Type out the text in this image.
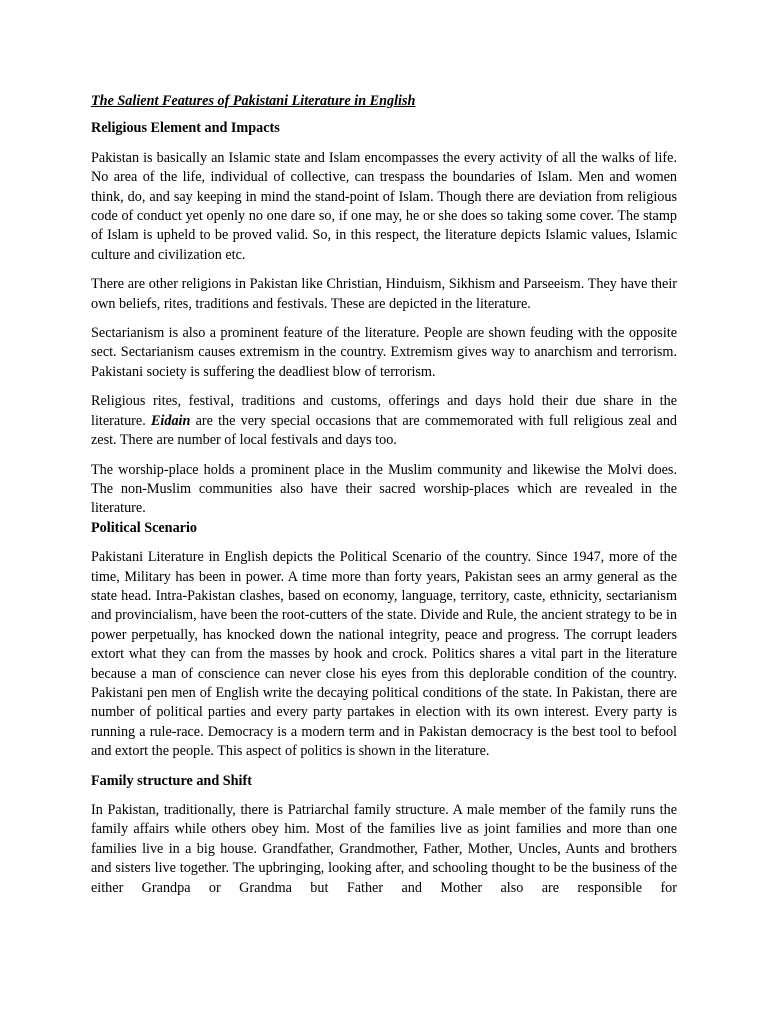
The Salient Features of Pakistani Literature in English

Religious Element and Impacts

Pakistan is basically an Islamic state and Islam encompasses the every activity of all the walks of life. No area of the life, individual of collective, can trespass the boundaries of Islam. Men and women think, do, and say keeping in mind the stand-point of Islam. Though there are deviation from religious code of conduct yet openly no one dare so, if one may, he or she does so taking some cover. The stamp of Islam is upheld to be proved valid. So, in this respect, the literature depicts Islamic values, Islamic culture and civilization etc.

There are other religions in Pakistan like Christian, Hinduism, Sikhism and Parseeism. They have their own beliefs, rites, traditions and festivals. These are depicted in the literature.

Sectarianism is also a prominent feature of the literature. People are shown feuding with the opposite sect. Sectarianism causes extremism in the country. Extremism gives way to anarchism and terrorism. Pakistani society is suffering the deadliest blow of terrorism.

Religious rites, festival, traditions and customs, offerings and days hold their due share in the literature. Eidain are the very special occasions that are commemorated with full religious zeal and zest. There are number of local festivals and days too.

The worship-place holds a prominent place in the Muslim community and likewise the Molvi does. The non-Muslim communities also have their sacred worship-places which are revealed in the literature.

Political Scenario

Pakistani Literature in English depicts the Political Scenario of the country. Since 1947, more of the time, Military has been in power. A time more than forty years, Pakistan sees an army general as the state head. Intra-Pakistan clashes, based on economy, language, territory, caste, ethnicity, sectarianism and provincialism, have been the root-cutters of the state. Divide and Rule, the ancient strategy to be in power perpetually, has knocked down the national integrity, peace and progress. The corrupt leaders extort what they can from the masses by hook and crock. Politics shares a vital part in the literature because a man of conscience can never close his eyes from this deplorable condition of the country. Pakistani pen men of English write the decaying political conditions of the state. In Pakistan, there are number of political parties and every party partakes in election with its own interest. Every party is running a rule-race. Democracy is a modern term and in Pakistan democracy is the best tool to befool and extort the people. This aspect of politics is shown in the literature.

Family structure and Shift

In Pakistan, traditionally, there is Patriarchal family structure. A male member of the family runs the family affairs while others obey him. Most of the families live as joint families and more than one families live in a big house. Grandfather, Grandmother, Father, Mother, Uncles, Aunts and brothers and sisters live together. The upbringing, looking after, and schooling thought to be the business of the either Grandpa or Grandma but Father and Mother also are responsible for
